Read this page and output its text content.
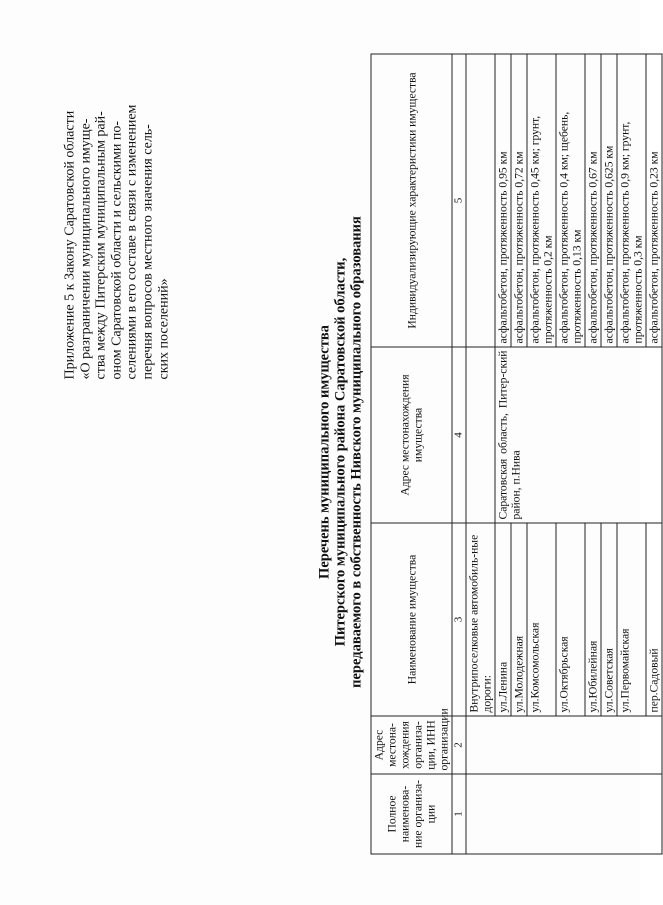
Приложение 5 к Закону Саратовской области «О разграничении муниципального имуще- ства между Питерским муниципальным рай- оном Саратовской области и сельскими по- селениями в его составе в связи с изменением перечня вопросов местного значения сель- ских поселений»	Перечень муниципального имущества Питерского муниципального района Саратовской области, передаваемого в собственность Нивского муниципального образования
Полное наименова-ние организа-ции	Адрес местона-хождения организа-ции, ИНН организации	Наименование имущества	Адрес местонахождения имущества	Индивидуализирующие характеристики имущества
1	2	3	4	5
		Внутрипоселковые автомобиль-ные дороги:		
		ул.Ленина	Саратовская область, Питер-ский район, п.Нива	асфальтобетон, протяженность 0,95 км
		ул.Молодежная		асфальтобетон, протяженность 0,72 км
		ул.Комсомольская		асфальтобетон, протяженность 0,45 км; грунт, протяженность 0,2 км
		ул.Октябрьская		асфальтобетон, протяженность 0,4 км; щебень, протяженность 0,13 км
		ул.Юбилейная		асфальтобетон, протяженность 0,67 км
		ул.Советская		асфальтобетон, протяженность 0,625 км
		ул.Первомайская		асфальтобетон, протяженность 0,9 км; грунт, протяженность 0,3 км
		пер.Садовый		асфальтобетон, протяженность 0,23 км
